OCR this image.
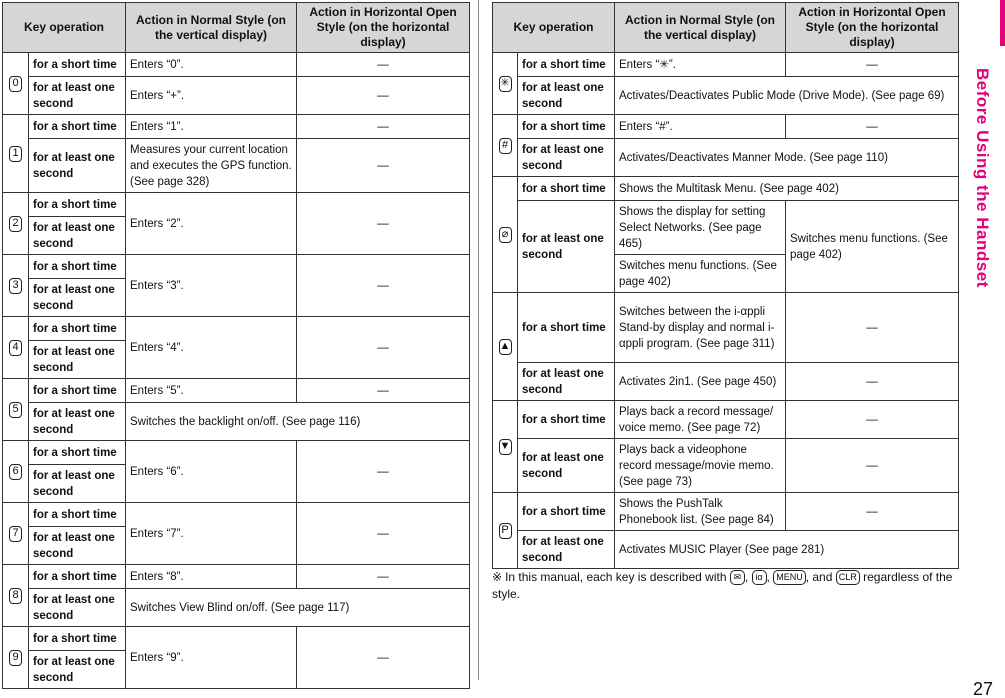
Key operation		Action in Normal Style (on the vertical display)	Action in Horizontal Open Style (on the horizontal display)
0	for a short time	Enters “0”.	—
	for at least one second	Enters “+”.	—
1	for a short time	Enters “1”.	—
	for at least one second	Measures your current location and executes the GPS function. (See page 328)	—
2	for a short time	Enters “2”.	—
	for at least one second		
3	for a short time	Enters “3”.	—
	for at least one second		
4	for a short time	Enters “4”.	—
	for at least one second		
5	for a short time	Enters “5”.	—
	for at least one second	Switches the backlight on/off. (See page 116)	
6	for a short time	Enters “6”.	—
	for at least one second		
7	for a short time	Enters “7”.	—
	for at least one second		
8	for a short time	Enters “8”.	—
	for at least one second	Switches View Blind on/off. (See page 117)	
9	for a short time	Enters “9”.	—
	for at least one second		
Key operation		Action in Normal Style (on the vertical display)	Action in Horizontal Open Style (on the horizontal display)
✳	for a short time	Enters “✳”.	—
	for at least one second	Activates/Deactivates Public Mode (Drive Mode). (See page 69)	
#	for a short time	Enters “#”.	—
	for at least one second	Activates/Deactivates Manner Mode. (See page 110)	
⌀	for a short time	Shows the Multitask Menu. (See page 402)	
	for at least one second	Shows the display for setting Select Networks. (See page 465)	Switches menu functions. (See page 402)
		Switches menu functions. (See page 402)	
▲	for a short time	Switches between the i-αppli Stand-by display and normal i-αppli program. (See page 311)	—
	for at least one second	Activates 2in1. (See page 450)	—
▼	for a short time	Plays back a record message/ voice memo. (See page 72)	—
	for at least one second	Plays back a videophone record message/movie memo. (See page 73)	—
P	for a short time	Shows the PushTalk Phonebook list. (See page 84)	—
	for at least one second	Activates MUSIC Player (See page 281)	
※ In this manual, each key is described with ✉ , iα , MENU , and CLR regardless of the style.
Before Using the Handset
27
